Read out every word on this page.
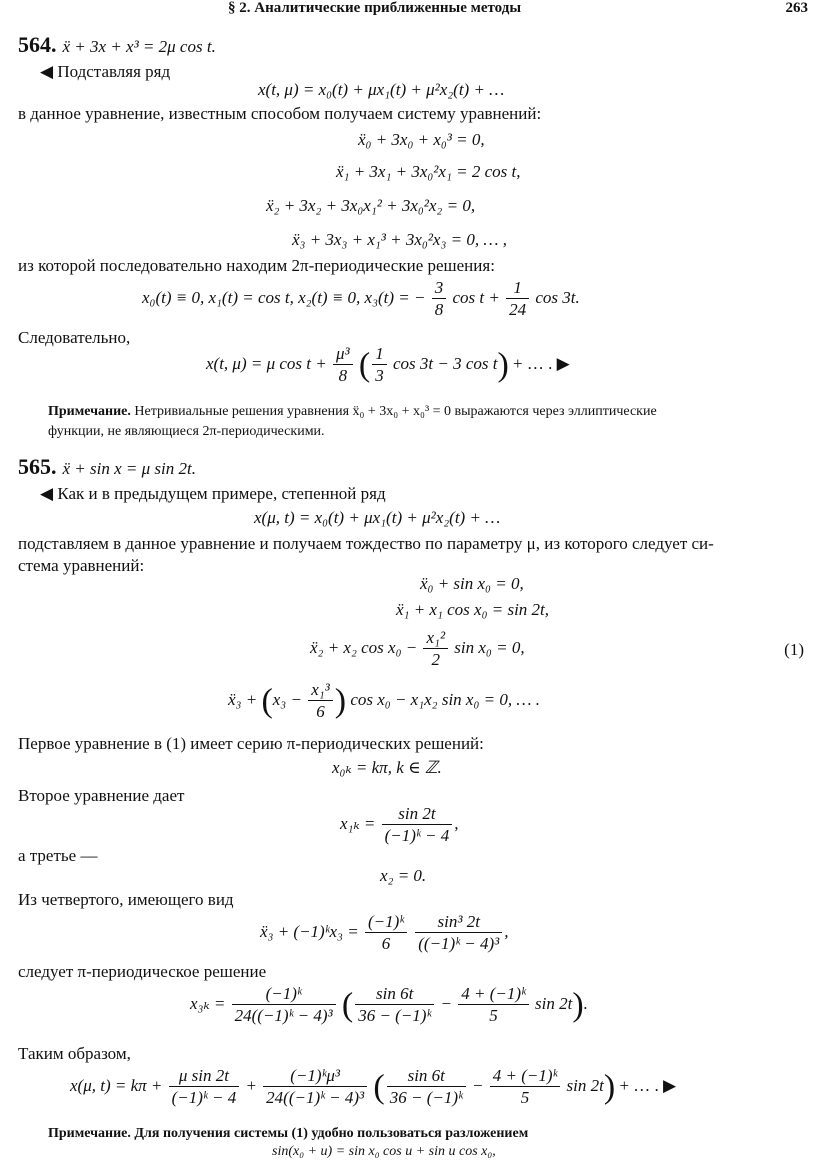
§ 2. Аналитические приближенные методы	263
564. ẍ + 3x + x³ = 2μ cos t.
◀ Подставляя ряд
x(t, μ) = x₀(t) + μx₁(t) + μ²x₂(t) + …
в данное уравнение, известным способом получаем систему уравнений:
ẍ₀ + 3x₀ + x₀³ = 0,
ẍ₁ + 3x₁ + 3x₀²x₁ = 2 cos t,
ẍ₂ + 3x₂ + 3x₀x₁² + 3x₀²x₂ = 0,
ẍ₃ + 3x₃ + x₁³ + 3x₀²x₃ = 0, … ,
из которой последовательно находим 2π-периодические решения:
x₀(t) ≡ 0, x₁(t) = cos t, x₂(t) ≡ 0, x₃(t) = − $\frac{3}{8}$ $\cos t + \frac{1}{24}$ cos 3t.
Следовательно,
x(t, μ) = μ $\cos t + \frac{\text{μ³}}{8}$ ( $\frac{1}{3}$ cos 3t − 3 cos t) + … . ▶
Примечание. Нетривиальные решения уравнения ẍ₀ + 3x₀ + x₀³ = 0 выражаются через эллиптические
функции, не являющиеся 2π-периодическими.
565. ẍ + sin x = μ sin 2t.
◀ Как и в предыдущем примере, степенной ряд
x(μ, t) = x₀(t) + μx₁(t) + μ²x₂(t) + …
подставляем в данное уравнение и получаем тождество по параметру μ, из которого следует си-
стема уравнений:
ẍ₀ + sin x₀ = 0,
ẍ₁ + x₁ cos x₀ = sin 2t,
ẍ₂ + x₂ $\cos x_0 - \frac{\text{x₁²}}{2}$ sin x₀ = 0,	(1)
ẍ₃ + ($x_3 - \frac{\text{x₁³}}{6}$ ) cos x₀ − x₁x₂ sin x₀ = 0, … .
Первое уравнение в (1) имеет серию π-периодических решений:
x₀ₖ = kπ, k ∈ ℤ.
Второе уравнение дает
$x_{1k} = \frac{\sin 2t}{\text{(−1)ᵏ − 4}}$ ,
а третье —
x₂ = 0.
Из четвертого, имеющего вид
ẍ₃ + (−1)ᵏx₃ = $\frac{\text{(−1)ᵏ}}{6}$
$\frac{\text{sin³ 2t}}{\text{((−1)ᵏ − 4)³}}$ ,
следует π-периодическое решение
$x_{3k} = \frac{\text{(−1)ᵏ}}{\text{24((−1)ᵏ − 4)³}}$ ( $\frac{\sin 6t}{\text{36 − (−1)ᵏ}} - \frac{\text{4 + (−1)ᵏ}}{5}$ sin 2t).
Таким образом,
x(μ, $t) = k\pi + \frac{\text{μ sin 2t}}{\text{(−1)ᵏ − 4}} + \frac{\text{(−1)ᵏμ³}}{\text{24((−1)ᵏ − 4)³}}$ ( $\frac{\sin 6t}{\text{36 − (−1)ᵏ}} - \frac{\text{4 + (−1)ᵏ}}{5}$ sin 2t) + … . ▶
Примечание. Для получения системы (1) удобно пользоваться разложением
sin(x₀ + u) = sin x₀ cos u + sin u cos x₀,
